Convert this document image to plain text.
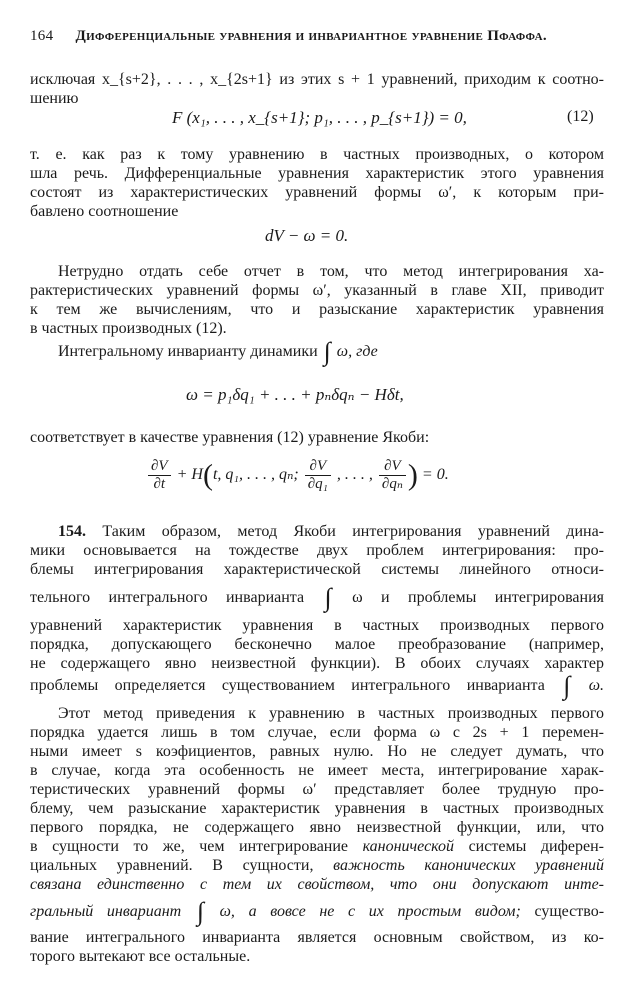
164 Дифференциальные уравнения и инвариантное уравнение Пфаффа.
исключая x_{s+2}, . . . , x_{2s+1} из этих s + 1 уравнений, приходим к соотно-
шению
F (x₁, . . . , x_{s+1}; p₁, . . . , p_{s+1}) = 0,	(12)
т. е. как раз к тому уравнению в частных производных, о котором
шла речь. Дифференциальные уравнения характеристик этого уравнения
состоят из характеристических уравнений формы ω′, к которым при-
бавлено соотношение
dV − ω = 0.
Нетрудно отдать себе отчет в том, что метод интегрирования ха-
рактеристических уравнений формы ω′, указанный в главе XII, приводит
к тем же вычислениям, что и разыскание характеристик уравнения
в частных производных (12).
Интегральному инварианту динамики ∫ ω, где
ω = p₁δq₁ + . . . + pₙδqₙ − Hδt,
соответствует в качестве уравнения (12) уравнение Якоби:
$\frac{\partial V}{\partial t} + H(t$, q₁, . . . , qₙ; $\frac{\partial V}{\text{∂q₁}}$ , . . . , $\frac{\partial V}{\text{∂qₙ}}$ ) = 0.
154. Таким образом, метод Якоби интегрирования уравнений дина-
мики основывается на тождестве двух проблем интегрирования: про-
блемы интегрирования характеристической системы линейного относи-
тельного интегрального инварианта ∫ ω и проблемы интегрирования
уравнений характеристик уравнения в частных производных первого
порядка, допускающего бесконечно малое преобразование (например,
не содержащего явно неизвестной функции). В обоих случаях характер
проблемы определяется существованием интегрального инварианта ∫ ω.
Этот метод приведения к уравнению в частных производных первого
порядка удается лишь в том случае, если форма ω с 2s + 1 перемен-
ными имеет s коэфициентов, равных нулю. Но не следует думать, что
в случае, когда эта особенность не имеет места, интегрирование харак-
теристических уравнений формы ω′ представляет более трудную про-
блему, чем разыскание характеристик уравнения в частных производных
первого порядка, не содержащего явно неизвестной функции, или, что
в сущности то же, чем интегрирование канонической системы диферен-
циальных уравнений. В сущности, важность канонических уравнений
связана единственно с тем их свойством, что они допускают инте-
гральный инвариант ∫ ω, а вовсе не с их простым видом; существо-
вание интегрального инварианта является основным свойством, из ко-
торого вытекают все остальные.
